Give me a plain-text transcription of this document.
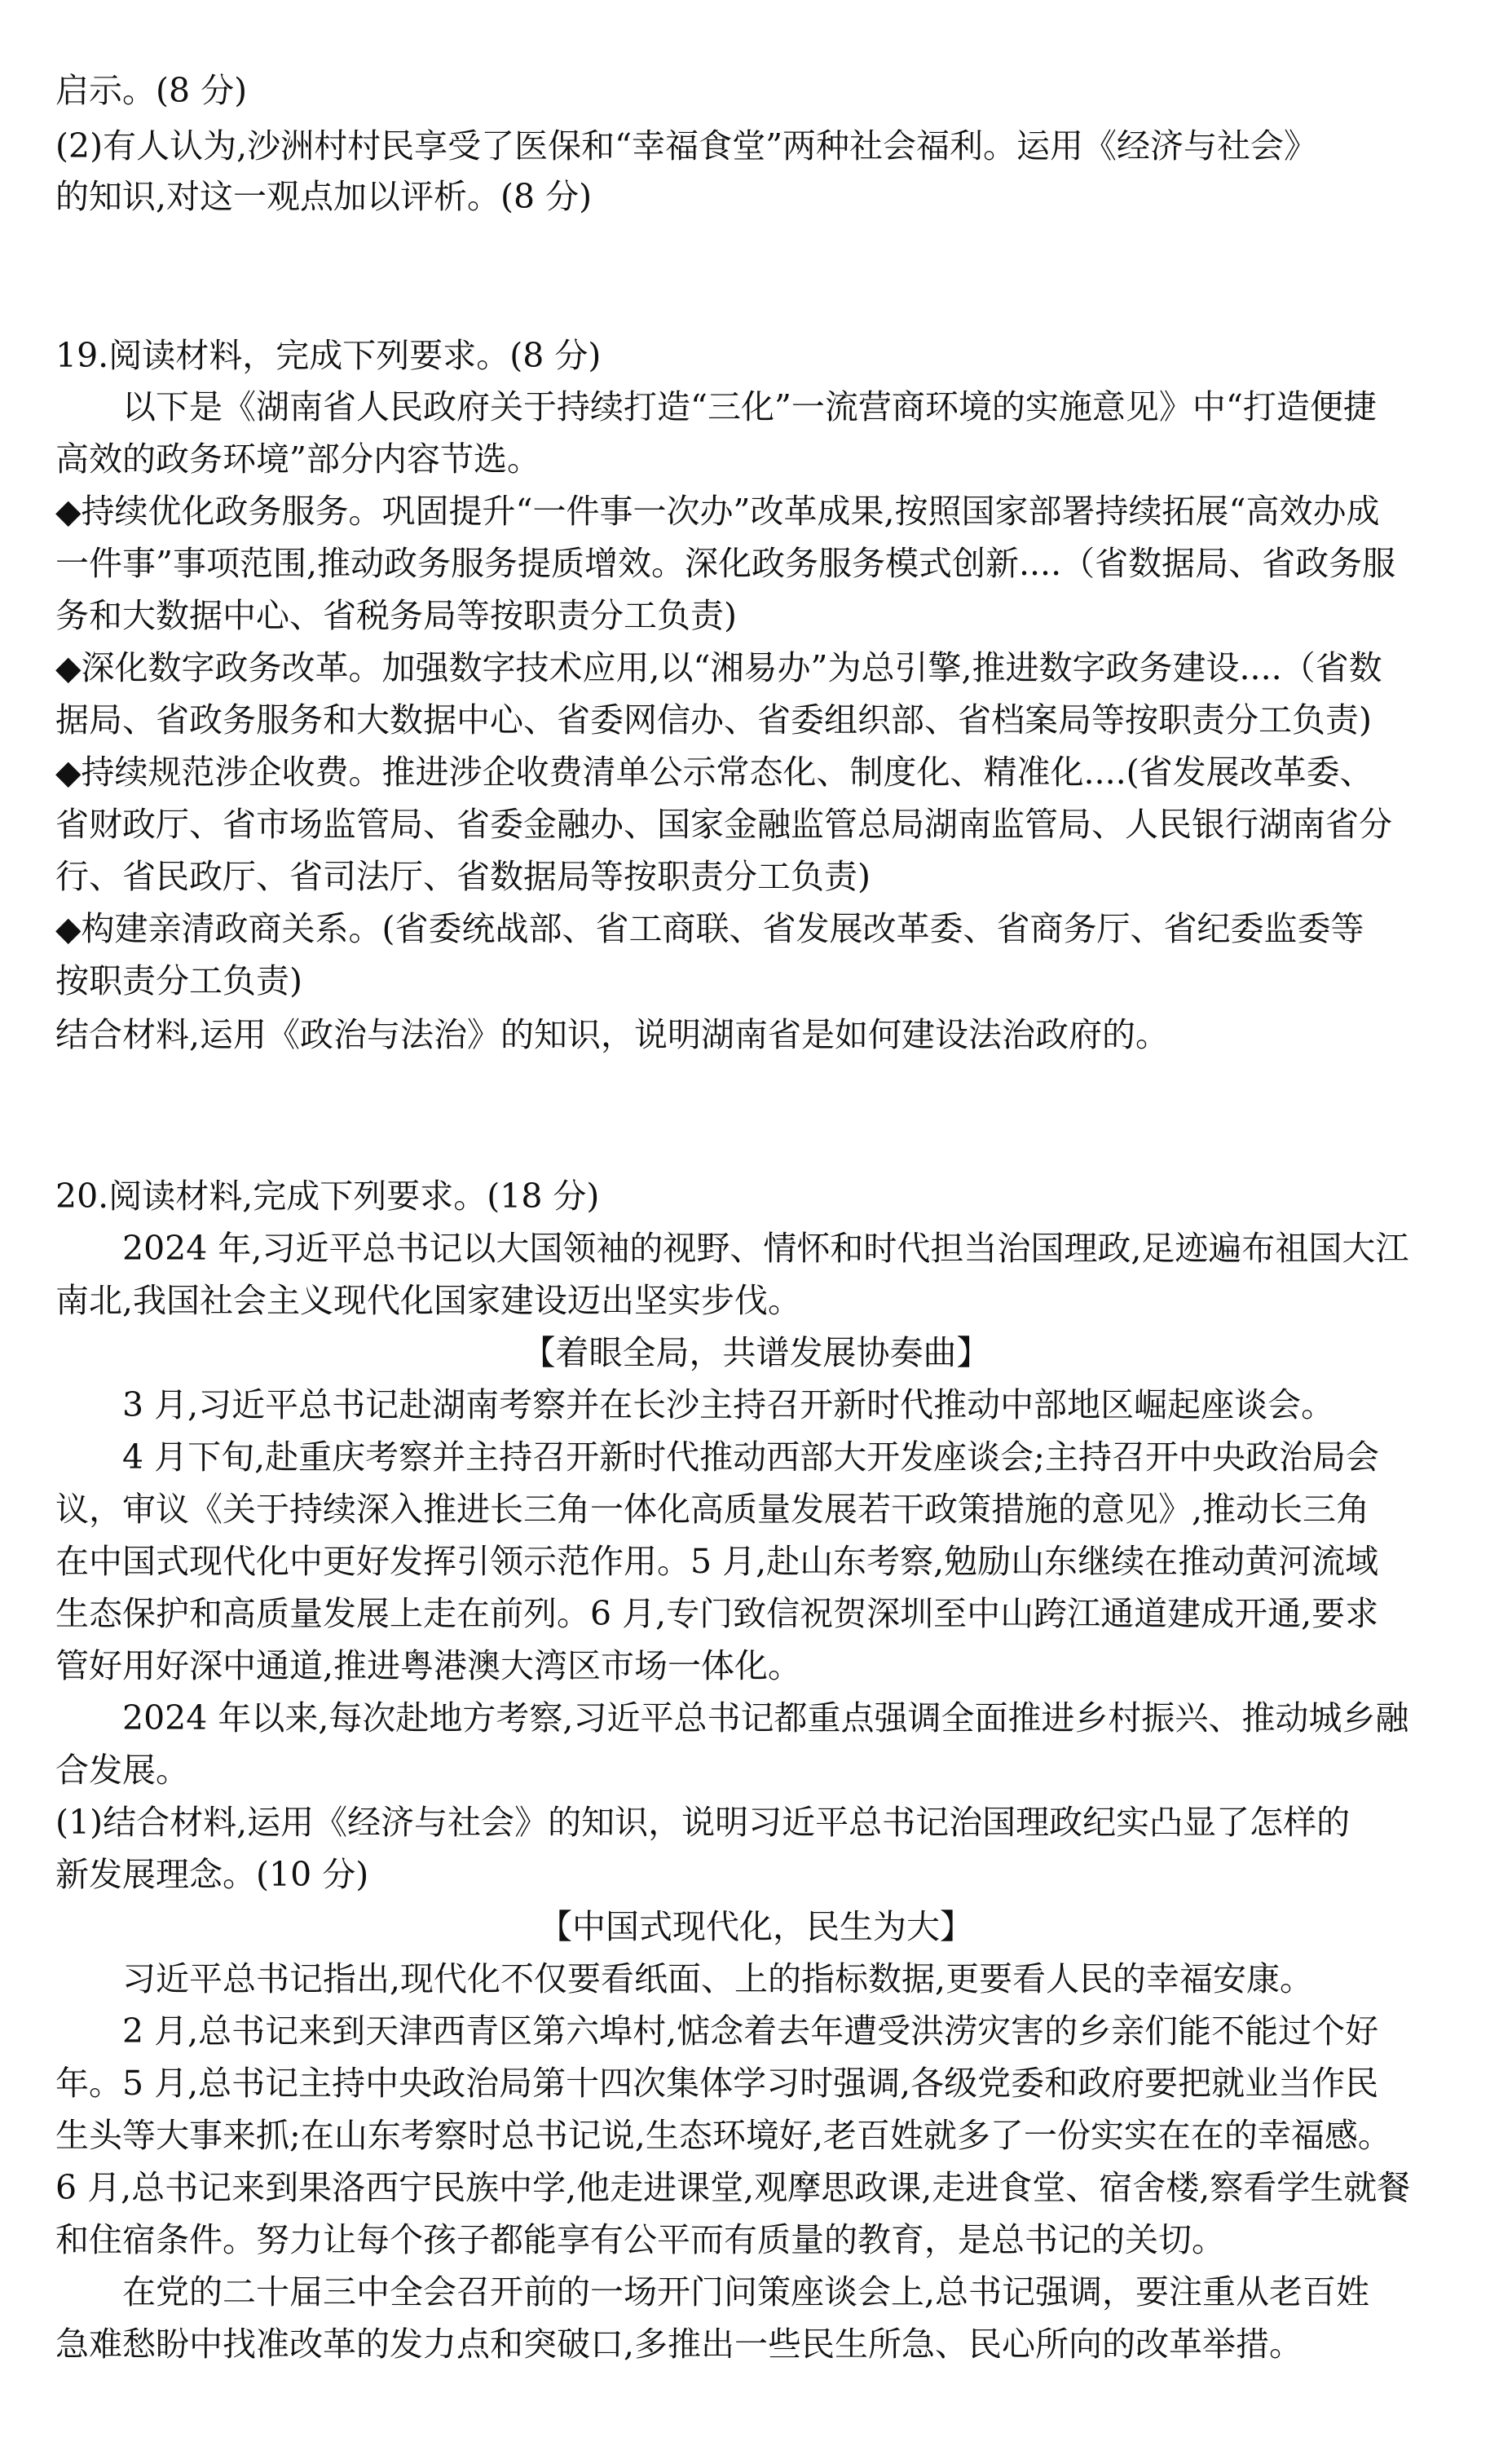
启示。(8 分)
(2)有人认为,沙洲村村民享受了医保和“幸福食堂”两种社会福利。运用《经济与社会》
的知识,对这一观点加以评析。(8 分)
19.阅读材料，完成下列要求。(8 分)
以下是《湖南省人民政府关于持续打造“三化”一流营商环境的实施意见》中“打造便捷
高效的政务环境”部分内容节选。
◆持续优化政务服务。巩固提升“一件事一次办”改革成果,按照国家部署持续拓展“高效办成
一件事”事项范围,推动政务服务提质增效。深化政务服务模式创新....（省数据局、省政务服
务和大数据中心、省税务局等按职责分工负责)
◆深化数字政务改革。加强数字技术应用,以“湘易办”为总引擎,推进数字政务建设....（省数
据局、省政务服务和大数据中心、省委网信办、省委组织部、省档案局等按职责分工负责)
◆持续规范涉企收费。推进涉企收费清单公示常态化、制度化、精准化....(省发展改革委、
省财政厅、省市场监管局、省委金融办、国家金融监管总局湖南监管局、人民银行湖南省分
行、省民政厅、省司法厅、省数据局等按职责分工负责)
◆构建亲清政商关系。(省委统战部、省工商联、省发展改革委、省商务厅、省纪委监委等
按职责分工负责)
结合材料,运用《政治与法治》的知识，说明湖南省是如何建设法治政府的。
20.阅读材料,完成下列要求。(18 分)
2024 年,习近平总书记以大国领袖的视野、情怀和时代担当治国理政,足迹遍布祖国大江
南北,我国社会主义现代化国家建设迈出坚实步伐。
【着眼全局，共谱发展协奏曲】
3 月,习近平总书记赴湖南考察并在长沙主持召开新时代推动中部地区崛起座谈会。
4 月下旬,赴重庆考察并主持召开新时代推动西部大开发座谈会;主持召开中央政治局会
议，审议《关于持续深入推进长三角一体化高质量发展若干政策措施的意见》,推动长三角
在中国式现代化中更好发挥引领示范作用。5 月,赴山东考察,勉励山东继续在推动黄河流域
生态保护和高质量发展上走在前列。6 月,专门致信祝贺深圳至中山跨江通道建成开通,要求
管好用好深中通道,推进粤港澳大湾区市场一体化。
2024 年以来,每次赴地方考察,习近平总书记都重点强调全面推进乡村振兴、推动城乡融
合发展。
(1)结合材料,运用《经济与社会》的知识，说明习近平总书记治国理政纪实凸显了怎样的
新发展理念。(10 分)
【中国式现代化，民生为大】
习近平总书记指出,现代化不仅要看纸面、上的指标数据,更要看人民的幸福安康。
2 月,总书记来到天津西青区第六埠村,惦念着去年遭受洪涝灾害的乡亲们能不能过个好
年。5 月,总书记主持中央政治局第十四次集体学习时强调,各级党委和政府要把就业当作民
生头等大事来抓;在山东考察时总书记说,生态环境好,老百姓就多了一份实实在在的幸福感。
6 月,总书记来到果洛西宁民族中学,他走进课堂,观摩思政课,走进食堂、宿舍楼,察看学生就餐
和住宿条件。努力让每个孩子都能享有公平而有质量的教育，是总书记的关切。
在党的二十届三中全会召开前的一场开门问策座谈会上,总书记强调，要注重从老百姓
急难愁盼中找准改革的发力点和突破口,多推出一些民生所急、民心所向的改革举措。
